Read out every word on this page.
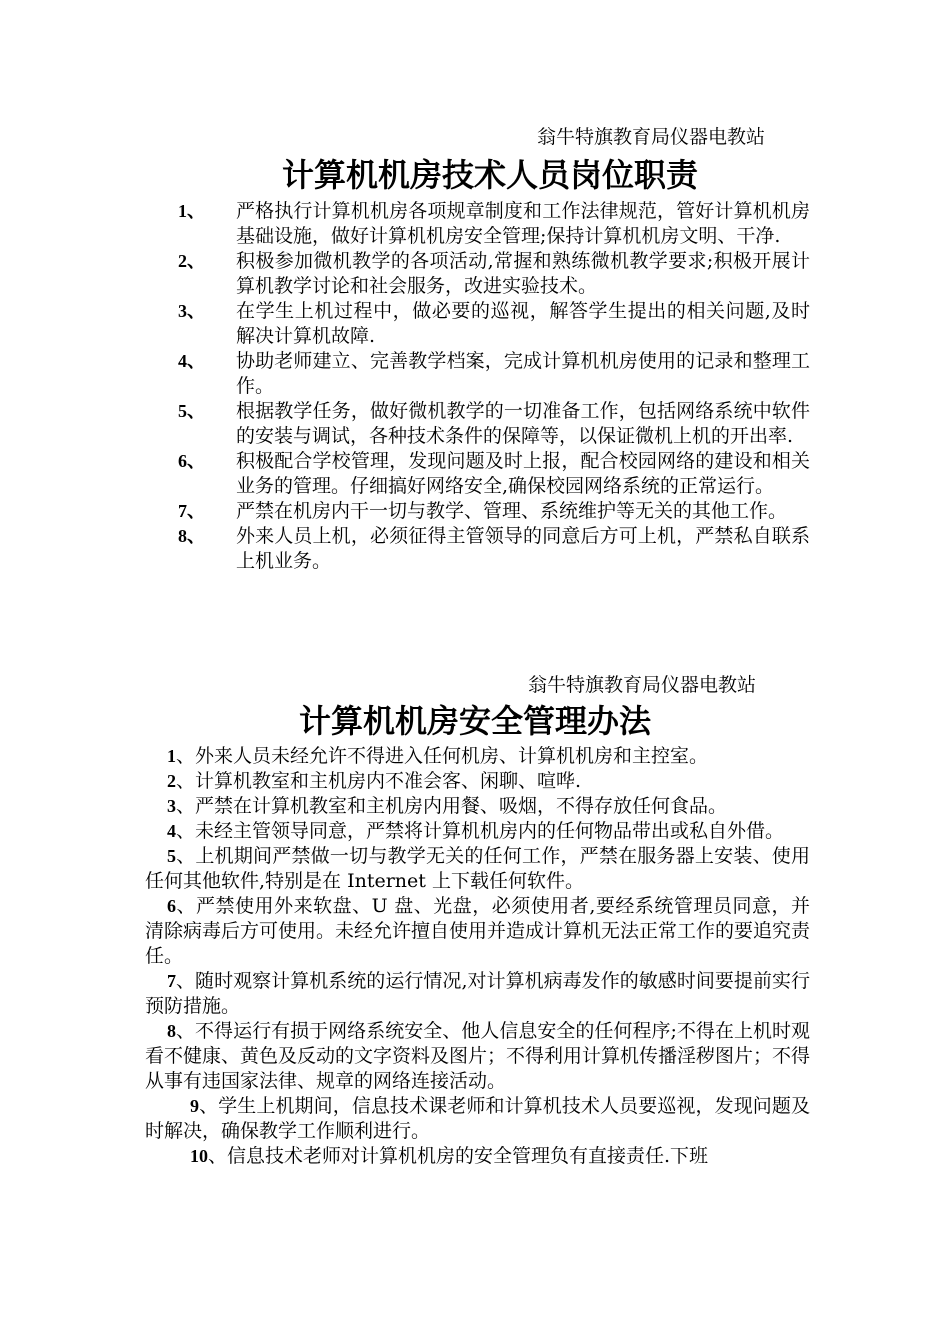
翁牛特旗教育局仪器电教站
计算机机房技术人员岗位职责
1、 严格执行计算机机房各项规章制度和工作法律规范，管好计算机机房基础设施，做好计算机机房安全管理;保持计算机机房文明、干净.
2、 积极参加微机教学的各项活动,常握和熟练微机教学要求;积极开展计算机教学讨论和社会服务，改进实验技术。
3、 在学生上机过程中，做必要的巡视，解答学生提出的相关问题,及时解决计算机故障.
4、 协助老师建立、完善教学档案，完成计算机机房使用的记录和整理工作。
5、 根据教学任务，做好微机教学的一切准备工作，包括网络系统中软件的安装与调试，各种技术条件的保障等，以保证微机上机的开出率.
6、 积极配合学校管理，发现问题及时上报，配合校园网络的建设和相关业务的管理。仔细搞好网络安全,确保校园网络系统的正常运行。
7、 严禁在机房内干一切与教学、管理、系统维护等无关的其他工作。
8、 外来人员上机，必须征得主管领导的同意后方可上机，严禁私自联系上机业务。
翁牛特旗教育局仪器电教站
计算机机房安全管理办法
1、外来人员未经允许不得进入任何机房、计算机机房和主控室。
2、计算机教室和主机房内不准会客、闲聊、喧哗.
3、严禁在计算机教室和主机房内用餐、吸烟，不得存放任何食品。
4、未经主管领导同意，严禁将计算机机房内的任何物品带出或私自外借。
5、上机期间严禁做一切与教学无关的任何工作，严禁在服务器上安装、使用任何其他软件,特别是在 Internet 上下载任何软件。
6、严禁使用外来软盘、U 盘、光盘，必须使用者,要经系统管理员同意，并清除病毒后方可使用。未经允许擅自使用并造成计算机无法正常工作的要追究责任。
7、随时观察计算机系统的运行情况,对计算机病毒发作的敏感时间要提前实行预防措施。
8、不得运行有损于网络系统安全、他人信息安全的任何程序;不得在上机时观看不健康、黄色及反动的文字资料及图片；不得利用计算机传播淫秽图片；不得从事有违国家法律、规章的网络连接活动。
9、学生上机期间，信息技术课老师和计算机技术人员要巡视，发现问题及时解决，确保教学工作顺利进行。
10、信息技术老师对计算机机房的安全管理负有直接责任.下班
